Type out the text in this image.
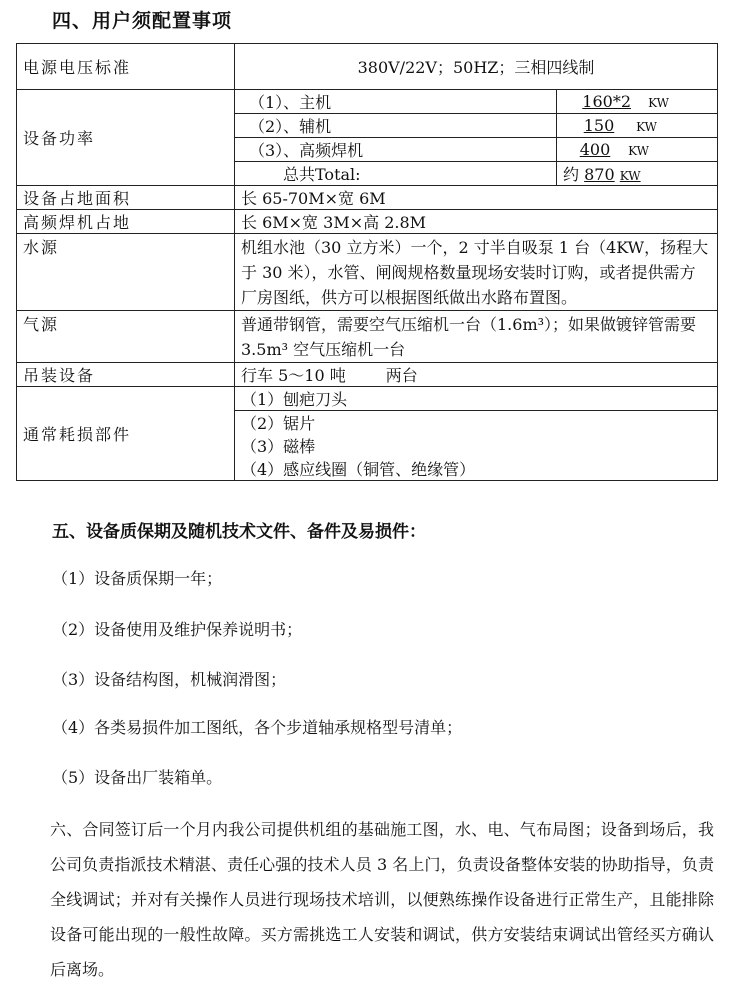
四、用户须配置事项
电源电压标准	380V/22V；50HZ；三相四线制	
设备功率		
	（1）、主机	160*2 KW
	（2）、辅机	150 KW
	（3）、高频焊机	400 KW
	总共Total:	约 870 KW
设备占地面积	长 65-70M×宽 6M	
高频焊机占地	长 6M×宽 3M×高 2.8M	
水源	机组水池（30 立方米）一个，2 寸半自吸泵 1 台（4KW，扬程大于 30 米），水管、闸阀规格数量现场安装时订购，或者提供需方厂房图纸，供方可以根据图纸做出水路布置图。	
气源	普通带钢管，需要空气压缩机一台（1.6m³）；如果做镀锌管需要 3.5m³ 空气压缩机一台	
吊装设备	行车 5～10 吨 两台	
通常耗损部件	（1）刨疤刀头	
	（2）锯片	
	（3）磁棒	
	（4）感应线圈（铜管、绝缘管）	
五、设备质保期及随机技术文件、备件及易损件：
（1）设备质保期一年；
（2）设备使用及维护保养说明书；
（3）设备结构图，机械润滑图；
（4）各类易损件加工图纸，各个步道轴承规格型号清单；
（5）设备出厂装箱单。
六、合同签订后一个月内我公司提供机组的基础施工图，水、电、气布局图；设备到场后，我公司负责指派技术精湛、责任心强的技术人员 3 名上门，负责设备整体安装的协助指导，负责全线调试；并对有关操作人员进行现场技术培训，以便熟练操作设备进行正常生产，且能排除设备可能出现的一般性故障。买方需挑选工人安装和调试，供方安装结束调试出管经买方确认后离场。
